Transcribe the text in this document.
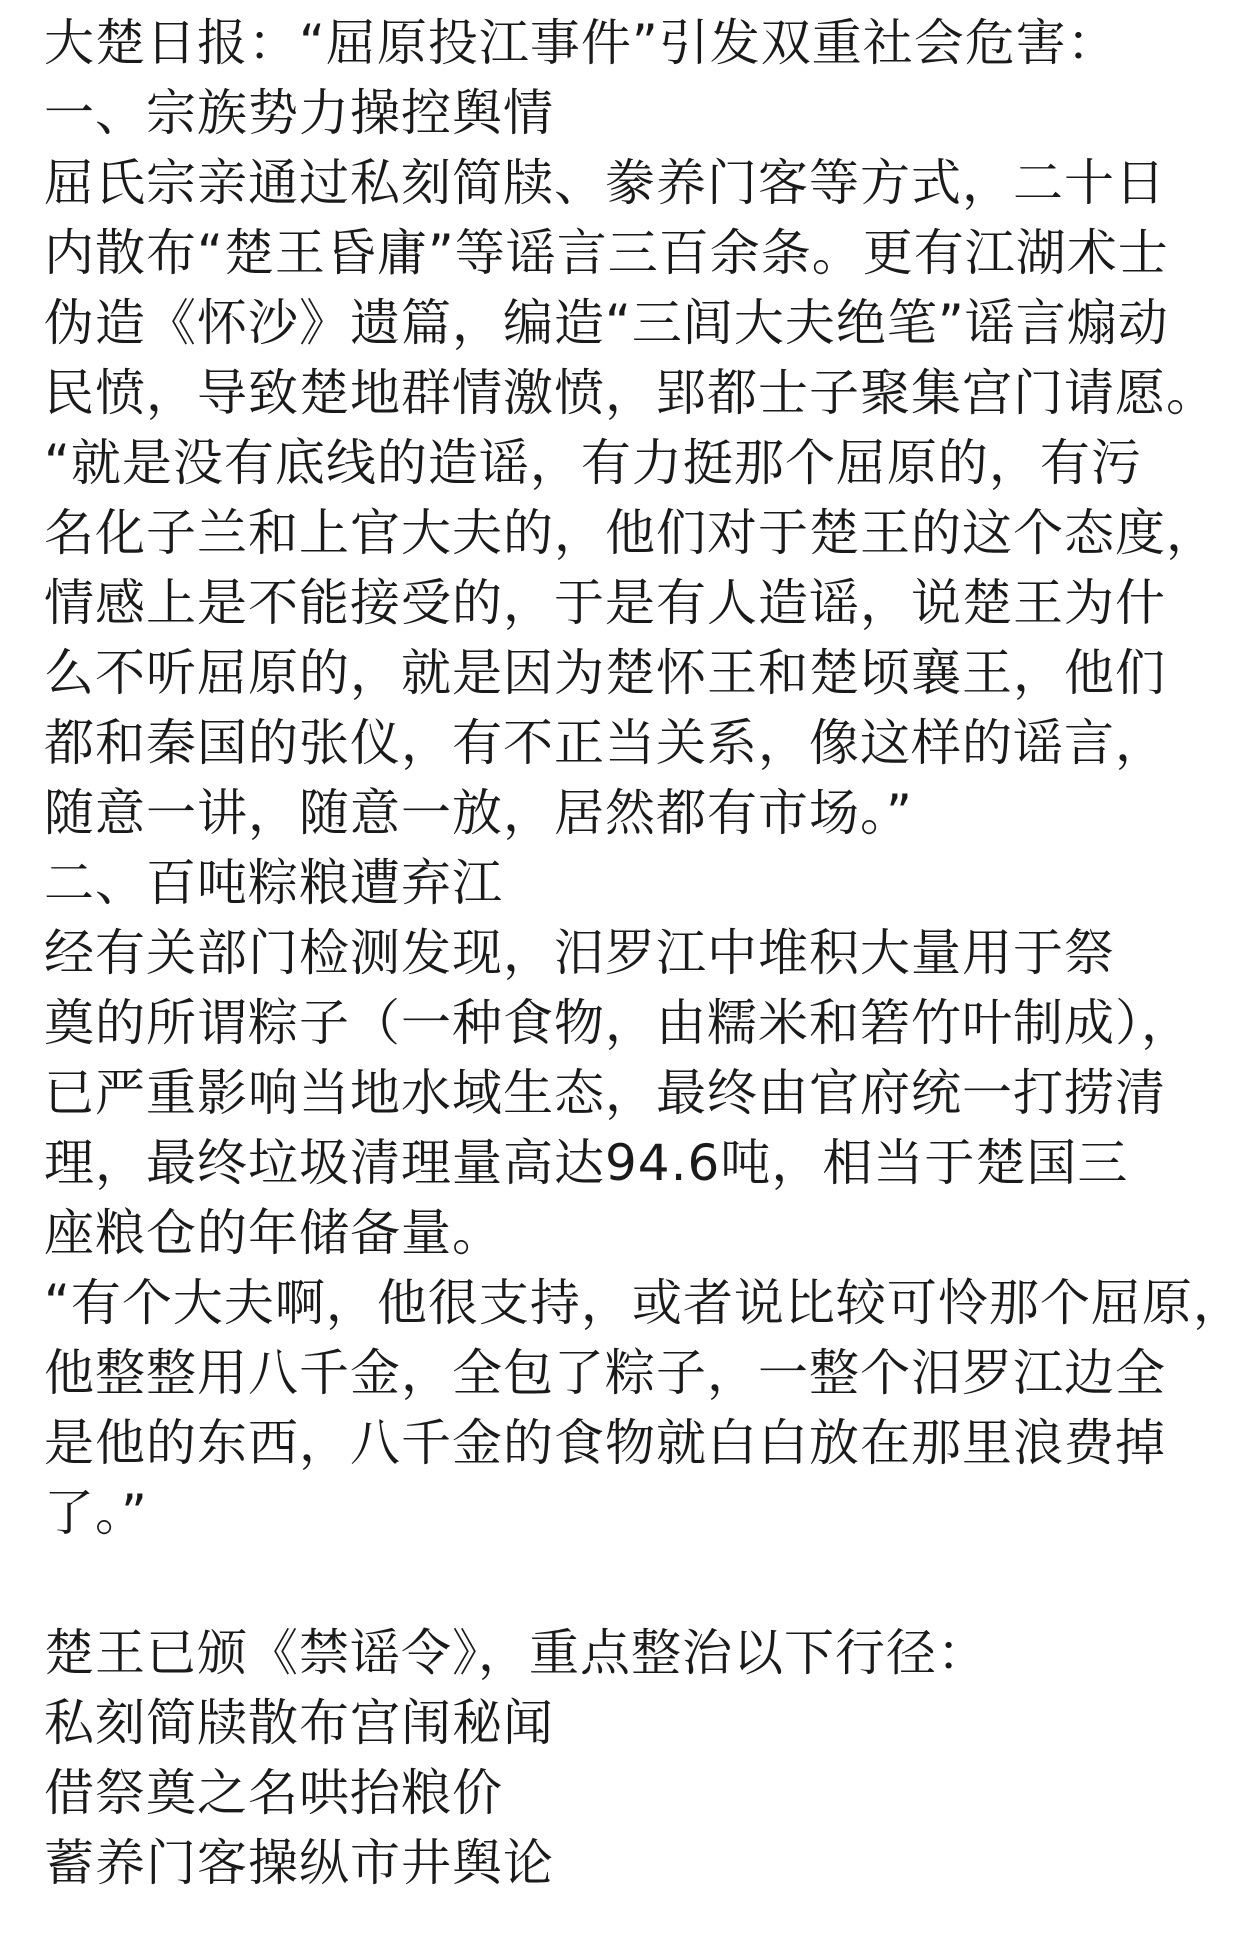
大楚日报：“屈原投江事件”引发双重社会危害：
一、宗族势力操控舆情
屈氏宗亲通过私刻简牍、豢养门客等方式，二十日
内散布“楚王昏庸”等谣言三百余条。更有江湖术士
伪造《怀沙》遗篇，编造“三闾大夫绝笔”谣言煽动
民愤，导致楚地群情激愤，郢都士子聚集宫门请愿。
“就是没有底线的造谣，有力挺那个屈原的，有污
名化子兰和上官大夫的，他们对于楚王的这个态度，
情感上是不能接受的，于是有人造谣，说楚王为什
么不听屈原的，就是因为楚怀王和楚顷襄王，他们
都和秦国的张仪，有不正当关系，像这样的谣言，
随意一讲，随意一放，居然都有市场。”
二、百吨粽粮遭弃江
经有关部门检测发现，汨罗江中堆积大量用于祭
奠的所谓粽子（一种食物，由糯米和箬竹叶制成），
已严重影响当地水域生态，最终由官府统一打捞清
理，最终垃圾清理量高达94.6吨，相当于楚国三
座粮仓的年储备量。
“有个大夫啊，他很支持，或者说比较可怜那个屈原，
他整整用八千金，全包了粽子，一整个汨罗江边全
是他的东西，八千金的食物就白白放在那里浪费掉
了。”
楚王已颁《禁谣令》，重点整治以下行径：
私刻简牍散布宫闱秘闻
借祭奠之名哄抬粮价
蓄养门客操纵市井舆论
